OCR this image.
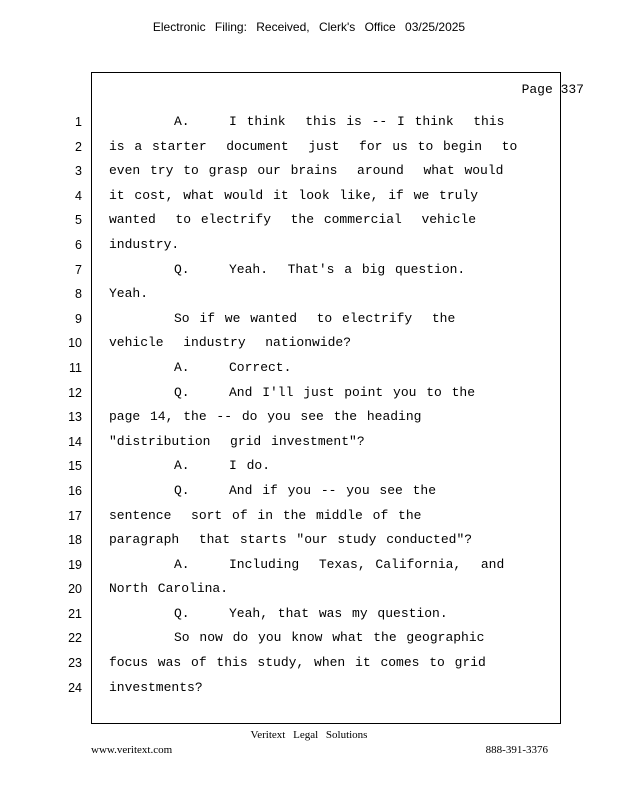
Electronic Filing: Received, Clerk's Office 03/25/2025
Page 337
1
2
3
4
5
6
7
8
9
10
11
12
13
14
15
16
17
18
19
20
21
22
23
24
A.	I think  this is -- I think  this
is a starter  document  just  for us to begin  to
even try to grasp our brains  around  what would
it cost, what would it look like, if we truly
wanted  to electrify  the commercial  vehicle
industry.
Q.	Yeah.  That's a big question.
Yeah.
So if we wanted  to electrify  the
vehicle  industry  nationwide?
A.	Correct.
Q.	And I'll just point you to the
page 14, the -- do you see the heading
"distribution  grid investment"?
A.	I do.
Q.	And if you -- you see the
sentence  sort of in the middle of the
paragraph  that starts "our study conducted"?
A.	Including  Texas, California,  and
North Carolina.
Q.	Yeah, that was my question.
So now do you know what the geographic
focus was of this study, when it comes to grid
investments?
Veritext Legal Solutions
www.veritext.com	888-391-3376
